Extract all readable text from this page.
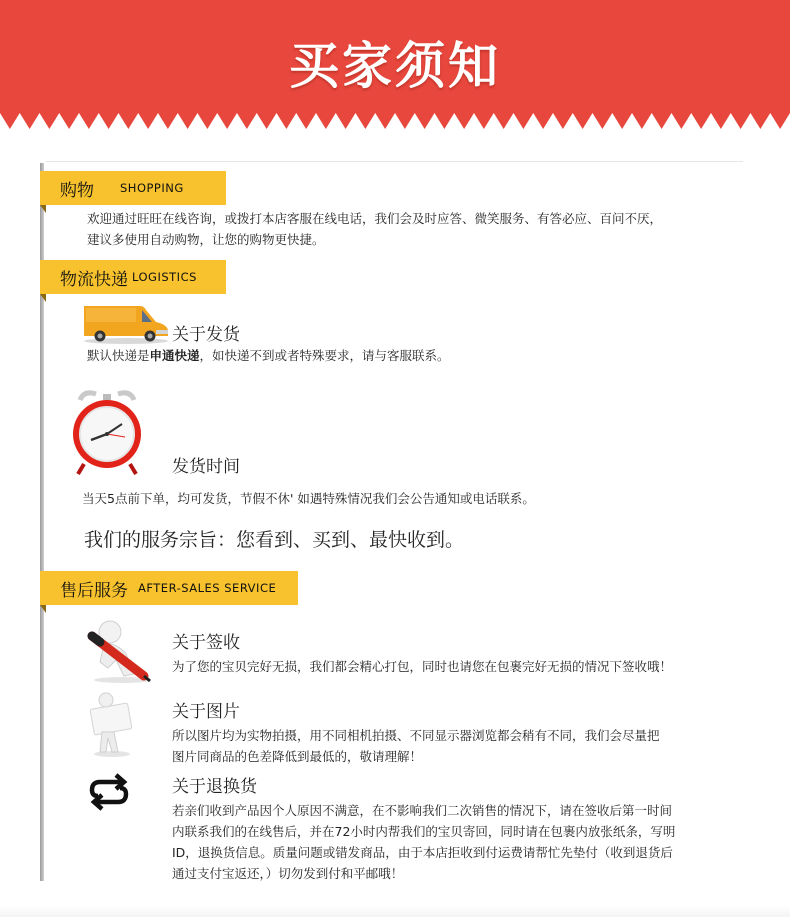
买家须知
购物 SHOPPING
欢迎通过旺旺在线咨询，或拨打本店客服在线电话，我们会及时应答、微笑服务、有答必应、百问不厌，
建议多使用自动购物，让您的购物更快捷。
物流快递 LOGISTICS
关于发货
默认快递是申通快递，如快递不到或者特殊要求，请与客服联系。
发货时间
当天5点前下单，均可发货，节假不休' 如遇特殊情况我们会公告通知或电话联系。
我们的服务宗旨：您看到、买到、最快收到。
售后服务 AFTER-SALES SERVICE
关于签收
为了您的宝贝完好无损，我们都会精心打包，同时也请您在包裹完好无损的情况下签收哦！
关于图片
所以图片均为实物拍摄，用不同相机拍摄、不同显示器浏览都会稍有不同，我们会尽量把
图片同商品的色差降低到最低的，敬请理解！
关于退换货
若亲们收到产品因个人原因不满意，在不影响我们二次销售的情况下，请在签收后第一时间
内联系我们的在线售后，并在72小时内帮我们的宝贝寄回，同时请在包裹内放张纸条，写明
ID，退换货信息。质量问题或错发商品，由于本店拒收到付运费请帮忙先垫付（收到退货后
通过支付宝返还，）切勿发到付和平邮哦！
